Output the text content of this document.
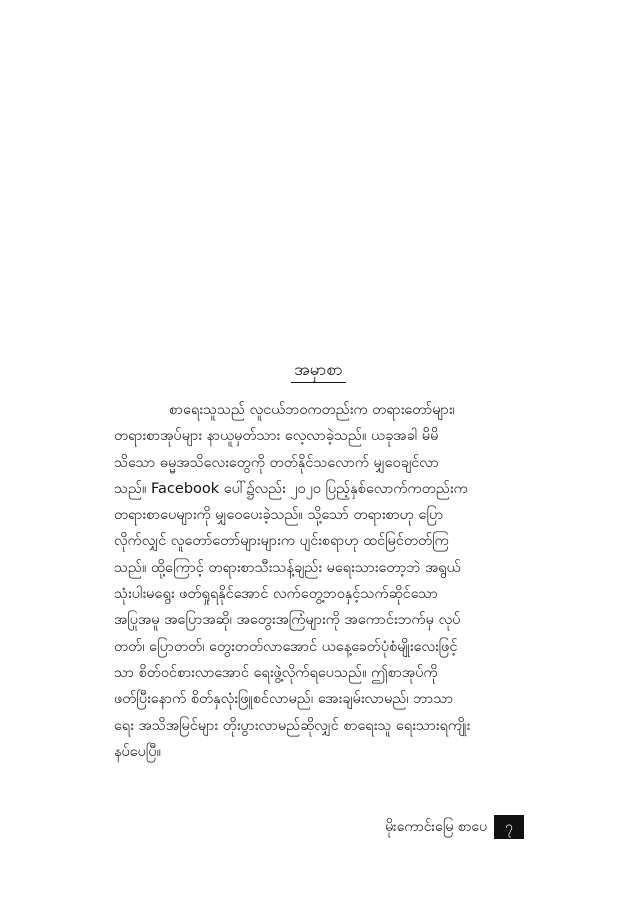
အမှာစာ
စာရေးသူသည် လူငယ်ဘဝကတည်းက တရားတော်များ၊
တရားစာအုပ်များ နာယူမှတ်သား လေ့လာခဲ့သည်။ ယခုအခါ မိမိ
သိသော ဓမ္မအသိလေးတွေကို တတ်နိုင်သလောက် မျှဝေချင်လာ
သည်။ Facebook ပေါ်၌လည်း ၂၀၂၀ ပြည့်နှစ်လောက်ကတည်းက
တရားစာပေများကို မျှဝေပေးခဲ့သည်။ သို့သော် တရားစာဟု ပြော
လိုက်လျှင် လူတော်တော်များများက ပျင်းစရာဟု ထင်မြင်တတ်ကြ
သည်။ ထို့ကြောင့် တရားစာသီးသန့်ချည်း မရေးသားတော့ဘဲ အရွယ်
သုံးပါးမရွေး ဖတ်ရှုရနိုင်အောင် လက်တွေ့ဘဝနှင့်သက်ဆိုင်သော
အပြုအမူ အပြောအဆို၊ အတွေးအကြံများကို အကောင်းဘက်မှ လုပ်
တတ်၊ ပြောတတ်၊ တွေးတတ်လာအောင် ယနေ့ခေတ်ပုံစံမျိုးလေးဖြင့်
သာ စိတ်ဝင်စားလာအောင် ရေးဖွဲ့လိုက်ရပေသည်။ ဤစာအုပ်ကို
ဖတ်ပြီးနောက် စိတ်နှလုံးဖြူစင်လာမည်၊ အေးချမ်းလာမည်၊ ဘာသာ
ရေး အသိအမြင်များ တိုးပွားလာမည်ဆိုလျှင် စာရေးသူ ရေးသားရကျိုး
နပ်ပေပြီ။
မိုးကောင်းမြေ စာပေ ၇
